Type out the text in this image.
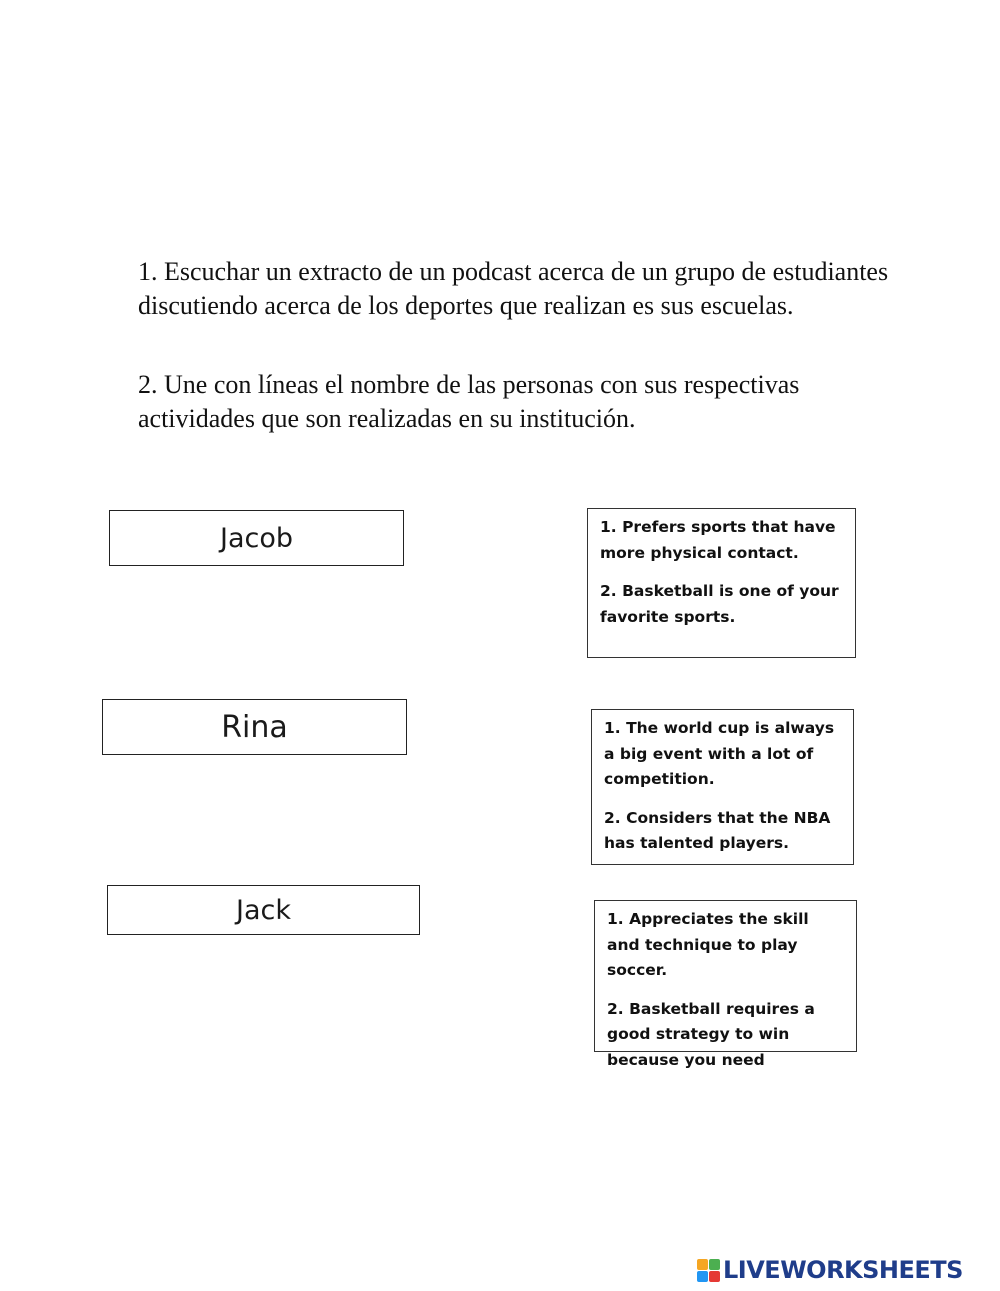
1. Escuchar un extracto de un podcast acerca de un grupo de estudiantes discutiendo acerca de los deportes que realizan es sus escuelas.
2. Une con líneas el nombre de las personas con sus respectivas actividades que son realizadas en su institución.
Jacob
Rina
Jack

1. Prefers sports that have more physical contact.

2. Basketball is one of your favorite sports.

1. The world cup is always a big event with a lot of competition.

2. Considers that the NBA has talented players.

1. Appreciates the skill and technique to play soccer.

2. Basketball requires a good strategy to win because you need

LIVEWORKSHEETS
